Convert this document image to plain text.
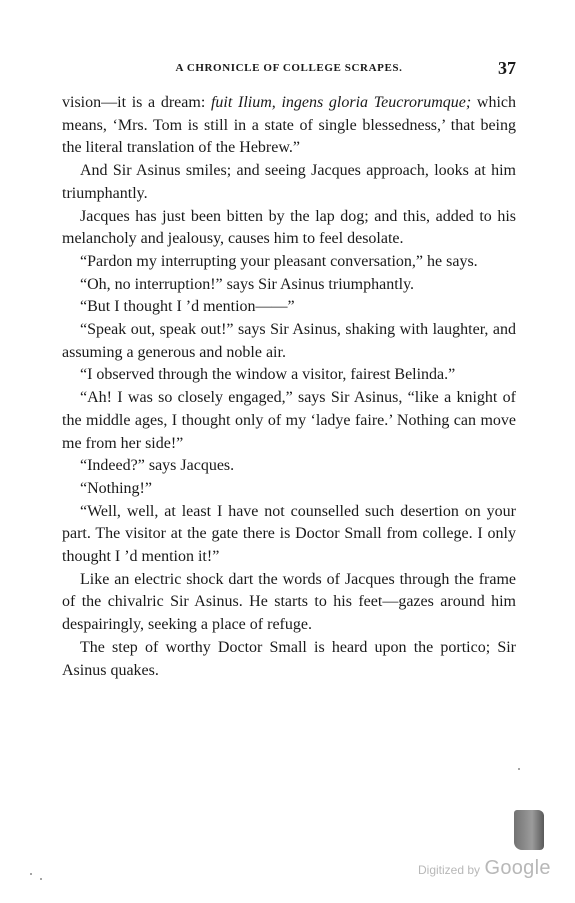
A CHRONICLE OF COLLEGE SCRAPES.	37

vision—it is a dream: fuit Ilium, ingens gloria Teucrorumque; which means, ‘Mrs. Tom is still in a state of single blessedness,’ that being the literal translation of the Hebrew.”

And Sir Asinus smiles; and seeing Jacques approach, looks at him triumphantly.

Jacques has just been bitten by the lap dog; and this, added to his melancholy and jealousy, causes him to feel desolate.

“Pardon my interrupting your pleasant conversation,” he says.

“Oh, no interruption!” says Sir Asinus triumphantly.

“But I thought I ’d mention——”

“Speak out, speak out!” says Sir Asinus, shaking with laughter, and assuming a generous and noble air.

“I observed through the window a visitor, fairest Belinda.”

“Ah! I was so closely engaged,” says Sir Asinus, “like a knight of the middle ages, I thought only of my ‘ladye faire.’ Nothing can move me from her side!”

“Indeed?” says Jacques.

“Nothing!”

“Well, well, at least I have not counselled such desertion on your part. The visitor at the gate there is Doctor Small from college. I only thought I ’d mention it!”

Like an electric shock dart the words of Jacques through the frame of the chivalric Sir Asinus. He starts to his feet—gazes around him despairingly, seeking a place of refuge.

The step of worthy Doctor Small is heard upon the portico; Sir Asinus quakes.

Digitized by Google
